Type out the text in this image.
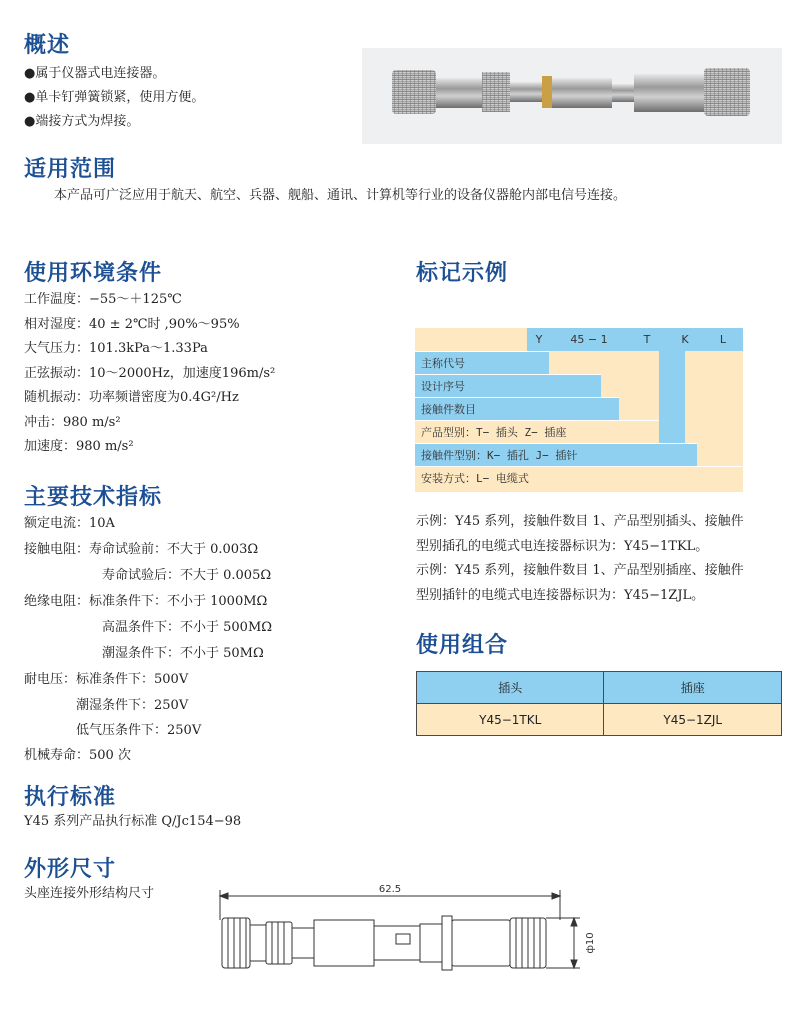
概述
●属于仪器式电连接器。
●单卡钉弹簧锁紧，使用方便。
●端接方式为焊接。
适用范围
本产品可广泛应用于航天、航空、兵器、舰船、通讯、计算机等行业的设备仪器舱内部电信号连接。
使用环境条件
工作温度：−55～＋125℃
相对湿度：40 ± 2℃时 ,90%～95%
大气压力：101.3kPa～1.33Pa
正弦振动：10～2000Hz，加速度196m/s²
随机振动：功率频谱密度为0.4G²/Hz
冲击：980 m/s²
加速度：980 m/s²
主要技术指标
额定电流：10A
接触电阻：寿命试验前：不大于 0.003Ω
寿命试验后：不大于 0.005Ω
绝缘电阻：标准条件下：不小于 1000MΩ
高温条件下：不小于 500MΩ
潮湿条件下：不小于 50MΩ
耐电压：标准条件下：500V
潮湿条件下：250V
低气压条件下：250V
机械寿命：500 次
执行标准
Y45 系列产品执行标准 Q/Jc154−98
外形尺寸
头座连接外形结构尺寸	62.5
ф10
标记示例
Y	45 − 1	T	K	L
主称代号
设计序号
接触件数目
产品型别：T− 插头 Z− 插座
接触件型别：K− 插孔 J− 插针
安装方式：L− 电缆式
示例：Y45 系列，接触件数目 1、产品型别插头、接触件
型别插孔的电缆式电连接器标识为：Y45−1TKL。
示例：Y45 系列，接触件数目 1、产品型别插座、接触件
型别插针的电缆式电连接器标识为：Y45−1ZJL。
使用组合
插头	插座
Y45−1TKL	Y45−1ZJL
